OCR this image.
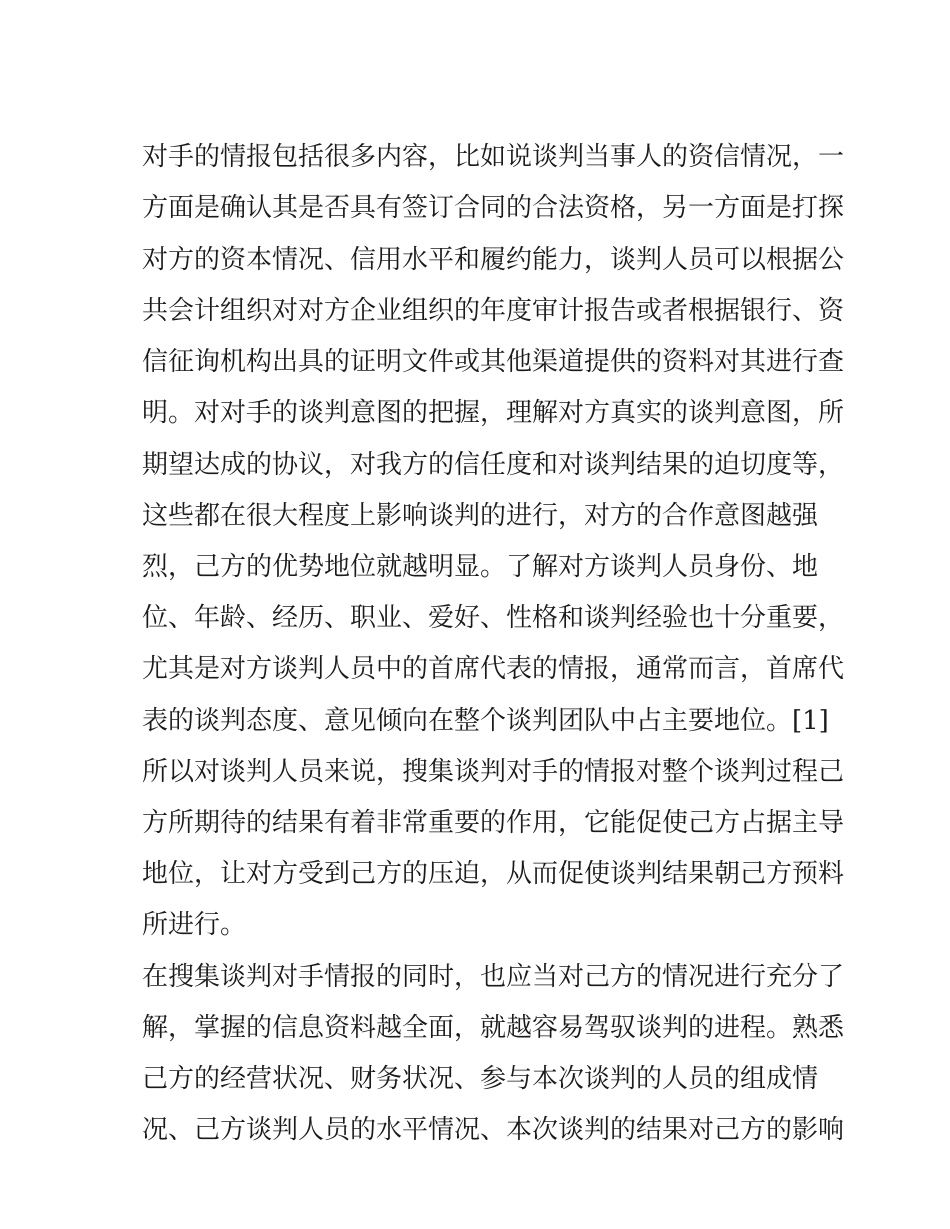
对手的情报包括很多内容，比如说谈判当事人的资信情况，一
方面是确认其是否具有签订合同的合法资格，另一方面是打探
对方的资本情况、信用水平和履约能力，谈判人员可以根据公
共会计组织对对方企业组织的年度审计报告或者根据银行、资
信征询机构出具的证明文件或其他渠道提供的资料对其进行查
明。对对手的谈判意图的把握，理解对方真实的谈判意图，所
期望达成的协议，对我方的信任度和对谈判结果的迫切度等，
这些都在很大程度上影响谈判的进行，对方的合作意图越强
烈，己方的优势地位就越明显。了解对方谈判人员身份、地
位、年龄、经历、职业、爱好、性格和谈判经验也十分重要，
尤其是对方谈判人员中的首席代表的情报，通常而言，首席代
表的谈判态度、意见倾向在整个谈判团队中占主要地位。[1]
所以对谈判人员来说，搜集谈判对手的情报对整个谈判过程己
方所期待的结果有着非常重要的作用，它能促使己方占据主导
地位，让对方受到己方的压迫，从而促使谈判结果朝己方预料
所进行。
在搜集谈判对手情报的同时，也应当对己方的情况进行充分了
解，掌握的信息资料越全面，就越容易驾驭谈判的进程。熟悉
己方的经营状况、财务状况、参与本次谈判的人员的组成情
况、己方谈判人员的水平情况、本次谈判的结果对己方的影响
